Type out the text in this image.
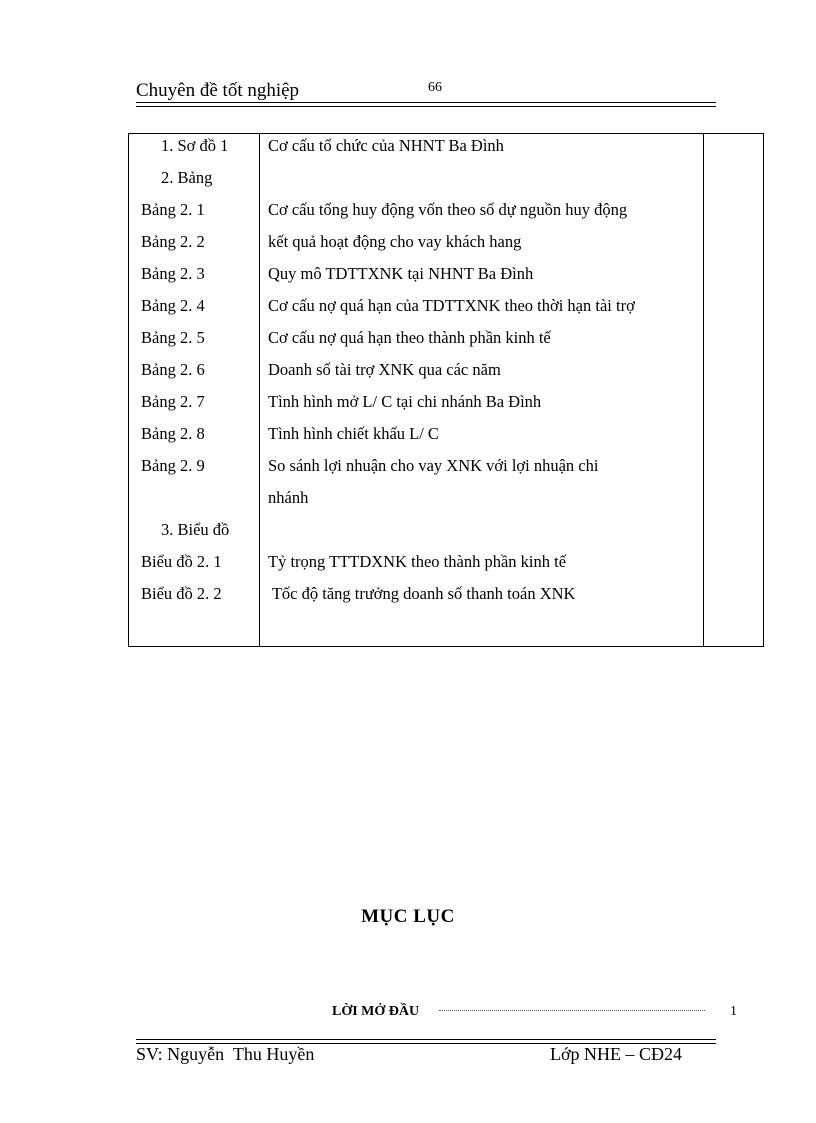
Chuyên đề tốt nghiệp	66
1. Sơ đồ 1	Cơ cấu tổ chức của NHNT Ba Đình
2. Bảng
Bảng 2. 1	Cơ cấu tổng huy động vốn theo số dự nguồn huy động
Bảng 2. 2	kết quả hoạt động cho vay khách hang
Bảng 2. 3	Quy mô TDTTXNK tại NHNT Ba Đình
Bảng 2. 4	Cơ cấu nợ quá hạn của TDTTXNK theo thời hạn tài trợ
Bảng 2. 5	Cơ cấu nợ quá hạn theo thành phần kinh tế
Bảng 2. 6	Doanh số tài trợ XNK qua các năm
Bảng 2. 7	Tình hình mở L/ C tại chi nhánh Ba Đình
Bảng 2. 8	Tình hình chiết khấu L/ C
Bảng 2. 9	So sánh lợi nhuận cho vay XNK với lợi nhuận chi
nhánh
3. Biểu đồ
Biểu đồ 2. 1	Tỷ trọng TTTDXNK theo thành phần kinh tế
Biểu đồ 2. 2	Tốc độ tăng trưởng doanh số thanh toán XNK
MỤC LỤC
LỜI MỞ ĐẦU	1
SV: Nguyễn  Thu Huyền	Lớp NHE – CĐ24
